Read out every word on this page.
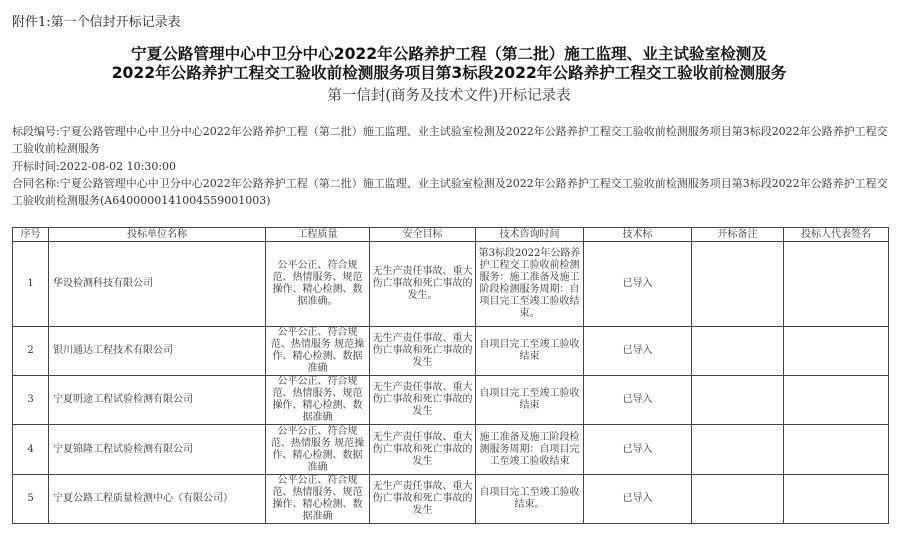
附件1:第一个信封开标记录表
宁夏公路管理中心中卫分中心2022年公路养护工程（第二批）施工监理、业主试验室检测及
2022年公路养护工程交工验收前检测服务项目第3标段2022年公路养护工程交工验收前检测服务
第一信封(商务及技术文件)开标记录表
标段编号:宁夏公路管理中心中卫分中心2022年公路养护工程（第二批）施工监理、业主试验室检测及2022年公路养护工程交工验收前检测服务项目第3标段2022年公路养护工程交工验收前检测服务
开标时间:2022-08-02 10:30:00
合同名称:宁夏公路管理中心中卫分中心2022年公路养护工程（第二批）施工监理、业主试验室检测及2022年公路养护工程交工验收前检测服务项目第3标段2022年公路养护工程交工验收前检测服务(A640000014100455900​1003)
序号	投标单位名称	工程质量	安全目标	技术咨询时间	技术标	开标备注	投标人代表签名
1	华设检测科技有限公司	公平公正、符合规范、热情服务、规范操作、精心检测、数据准确。	无生产责任事故、重大伤亡事故和死亡事故的发生。	第3标段2022年公路养护工程交工验收前检测服务：施工准备及施工阶段检测服务周期：自项目完工至竣工验收结束。	已导入		
2	银川通达工程技术有限公司	公平公正、符合规范、热情服务 规范操作、精心检测、数据准确	无生产责任事故、重大伤亡事故和死亡事故的发生	自项目完工至竣工验收结束	已导入		
3	宁夏明途工程试验检测有限公司	公平公正、符合规范、热情服务、规范操作、精心检测、数据准确	无生产责任事故、重大伤亡事故和死亡事故的发生	自项目完工至竣工验收结束	已导入		
4	宁夏锦隆工程试验检测有限公司	公平公正、符合规范、热情服务 规范操作、精心检测、数据准确	无生产责任事故、重大伤亡事故和死亡事故的发生	施工准备及施工阶段检测服务周期：自项目完工至竣工验收结束	已导入		
5	宁夏公路工程质量检测中心（有限公司）	公平公正、符合规范、热情服务、规范操作、精心检测、数据准确	无生产责任事故、重大伤亡事故和死亡事故的发生	自项目完工至竣工验收结束。	已导入		
